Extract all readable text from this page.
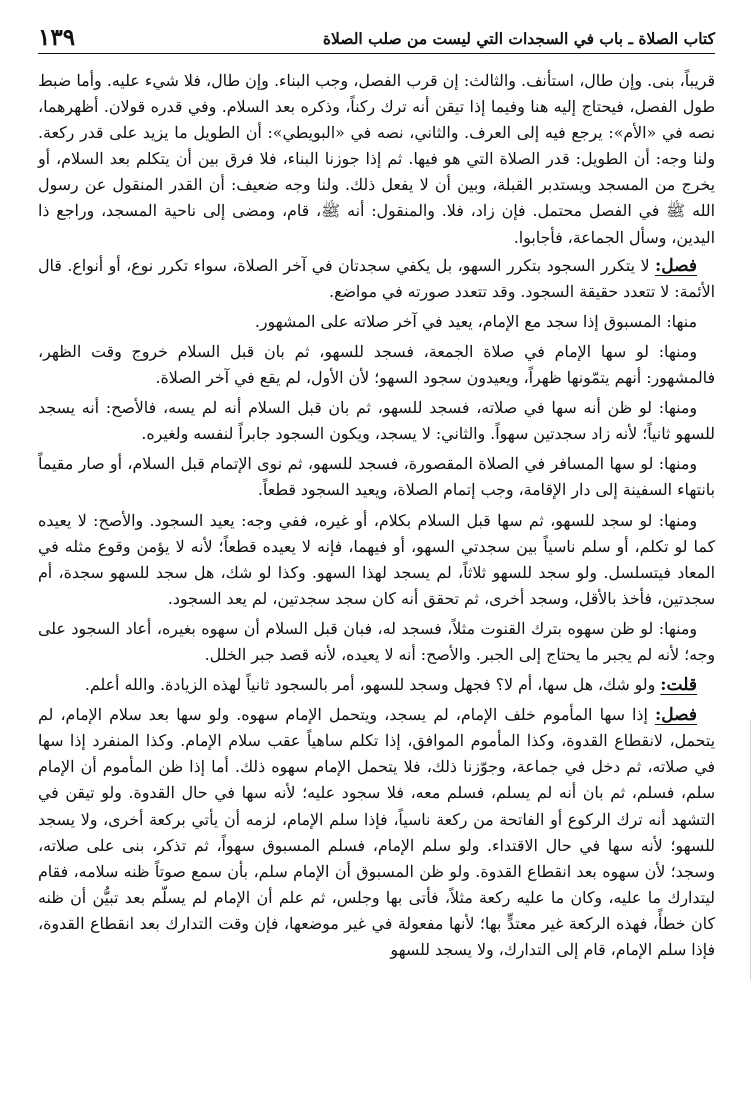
كتاب الصلاة ـ باب في السجدات التي ليست من صلب الصلاة
١٣٩

قريباً، بنى. وإن طال، استأنف. والثالث: إن قرب الفصل، وجب البناء. وإن طال، فلا شيء عليه. وأما ضبط طول الفصل، فيحتاج إليه هنا وفيما إذا تيقن أنه ترك ركناً، وذكره بعد السلام. وفي قدره قولان. أظهرهما، نصه في «الأم»: يرجع فيه إلى العرف. والثاني، نصه في «البويطي»: أن الطويل ما يزيد على قدر ركعة. ولنا وجه: أن الطويل: قدر الصلاة التي هو فيها. ثم إذا جوزنا البناء، فلا فرق بين أن يتكلم بعد السلام، أو يخرج من المسجد ويستدبر القبلة، وبين أن لا يفعل ذلك. ولنا وجه ضعيف: أن القدر المنقول عن رسول الله ﷺ في الفصل محتمل. فإن زاد، فلا. والمنقول: أنه ﷺ، قام، ومضى إلى ناحية المسجد، وراجع ذا اليدين، وسأل الجماعة، فأجابوا.

فصل: لا يتكرر السجود بتكرر السهو، بل يكفي سجدتان في آخر الصلاة، سواء تكرر نوع، أو أنواع. قال الأئمة: لا تتعدد حقيقة السجود. وقد تتعدد صورته في مواضع.

منها: المسبوق إذا سجد مع الإمام، يعيد في آخر صلاته على المشهور.

ومنها: لو سها الإمام في صلاة الجمعة، فسجد للسهو، ثم بان قبل السلام خروج وقت الظهر، فالمشهور: أنهم يتمّونها ظهراً، ويعيدون سجود السهو؛ لأن الأول، لم يقع في آخر الصلاة.

ومنها: لو ظن أنه سها في صلاته، فسجد للسهو، ثم بان قبل السلام أنه لم يسه، فالأصح: أنه يسجد للسهو ثانياً؛ لأنه زاد سجدتين سهواً. والثاني: لا يسجد، ويكون السجود جابراً لنفسه ولغيره.

ومنها: لو سها المسافر في الصلاة المقصورة، فسجد للسهو، ثم نوى الإتمام قبل السلام، أو صار مقيماً بانتهاء السفينة إلى دار الإقامة، وجب إتمام الصلاة، ويعيد السجود قطعاً.

ومنها: لو سجد للسهو، ثم سها قبل السلام بكلام، أو غيره، ففي وجه: يعيد السجود. والأصح: لا يعيده كما لو تكلم، أو سلم ناسياً بين سجدتي السهو، أو فيهما، فإنه لا يعيده قطعاً؛ لأنه لا يؤمن وقوع مثله في المعاد فيتسلسل. ولو سجد للسهو ثلاثاً، لم يسجد لهذا السهو. وكذا لو شك، هل سجد للسهو سجدة، أم سجدتين، فأخذ بالأقل، وسجد أخرى، ثم تحقق أنه كان سجد سجدتين، لم يعد السجود.

ومنها: لو ظن سهوه بترك القنوت مثلاً، فسجد له، فبان قبل السلام أن سهوه بغيره، أعاد السجود على وجه؛ لأنه لم يجبر ما يحتاج إلى الجبر. والأصح: أنه لا يعيده، لأنه قصد جبر الخلل.

قلت: ولو شك، هل سها، أم لا؟ فجهل وسجد للسهو، أمر بالسجود ثانياً لهذه الزيادة. والله أعلم.

فصل: إذا سها المأموم خلف الإمام، لم يسجد، ويتحمل الإمام سهوه. ولو سها بعد سلام الإمام، لم يتحمل، لانقطاع القدوة، وكذا المأموم الموافق، إذا تكلم ساهياً عقب سلام الإمام. وكذا المنفرد إذا سها في صلاته، ثم دخل في جماعة، وجوّزنا ذلك، فلا يتحمل الإمام سهوه ذلك. أما إذا ظن المأموم أن الإمام سلم، فسلم، ثم بان أنه لم يسلم، فسلم معه، فلا سجود عليه؛ لأنه سها في حال القدوة. ولو تيقن في التشهد أنه ترك الركوع أو الفاتحة من ركعة ناسياً، فإذا سلم الإمام، لزمه أن يأتي بركعة أخرى، ولا يسجد للسهو؛ لأنه سها في حال الاقتداء. ولو سلم الإمام، فسلم المسبوق سهواً، ثم تذكر، بنى على صلاته، وسجد؛ لأن سهوه بعد انقطاع القدوة. ولو ظن المسبوق أن الإمام سلم، بأن سمع صوتاً ظنه سلامه، فقام ليتدارك ما عليه، وكان ما عليه ركعة مثلاً، فأتى بها وجلس، ثم علم أن الإمام لم يسلّم بعد تبيُّن أن ظنه كان خطأً، فهذه الركعة غير معتدٍّ بها؛ لأنها مفعولة في غير موضعها، فإن وقت التدارك بعد انقطاع القدوة، فإذا سلم الإمام، قام إلى التدارك، ولا يسجد للسهو
